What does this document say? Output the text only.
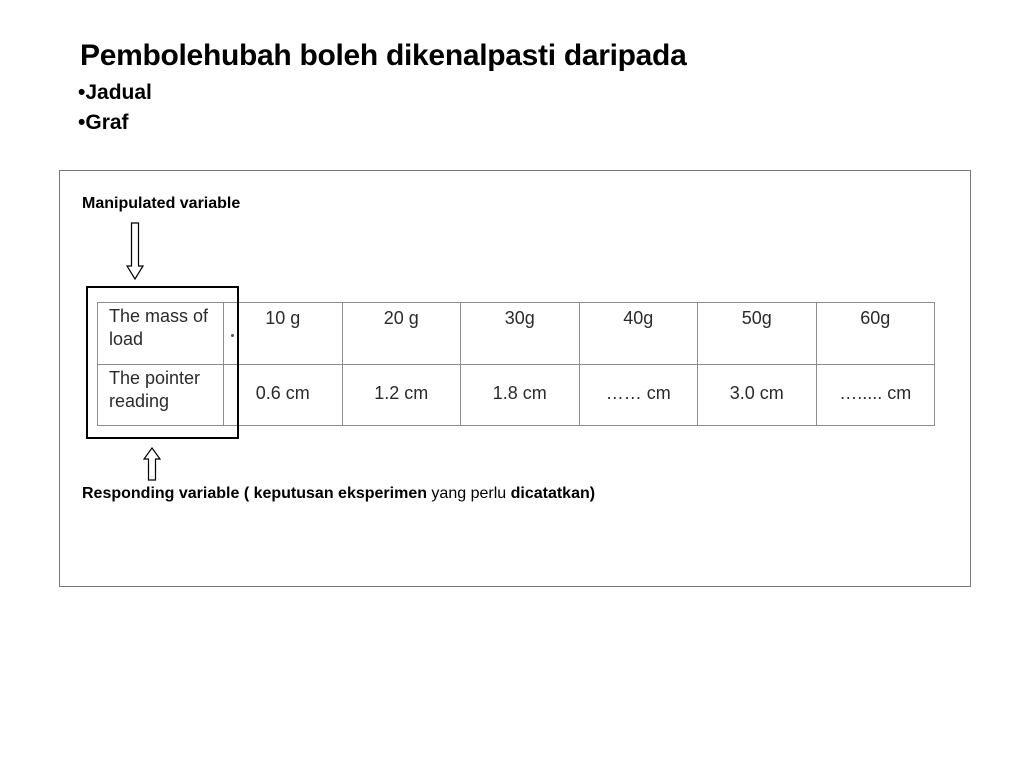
Pembolehubah boleh dikenalpasti daripada
• Jadual
• Graf
Manipulated variable
The mass of load	10 g	20 g	30g	40g	50g	60g
The pointer reading	0.6 cm	1.2 cm	1.8 cm	…… cm	3.0 cm	…..... cm
Responding variable ( keputusan eksperimen yang perlu dicatatkan)
